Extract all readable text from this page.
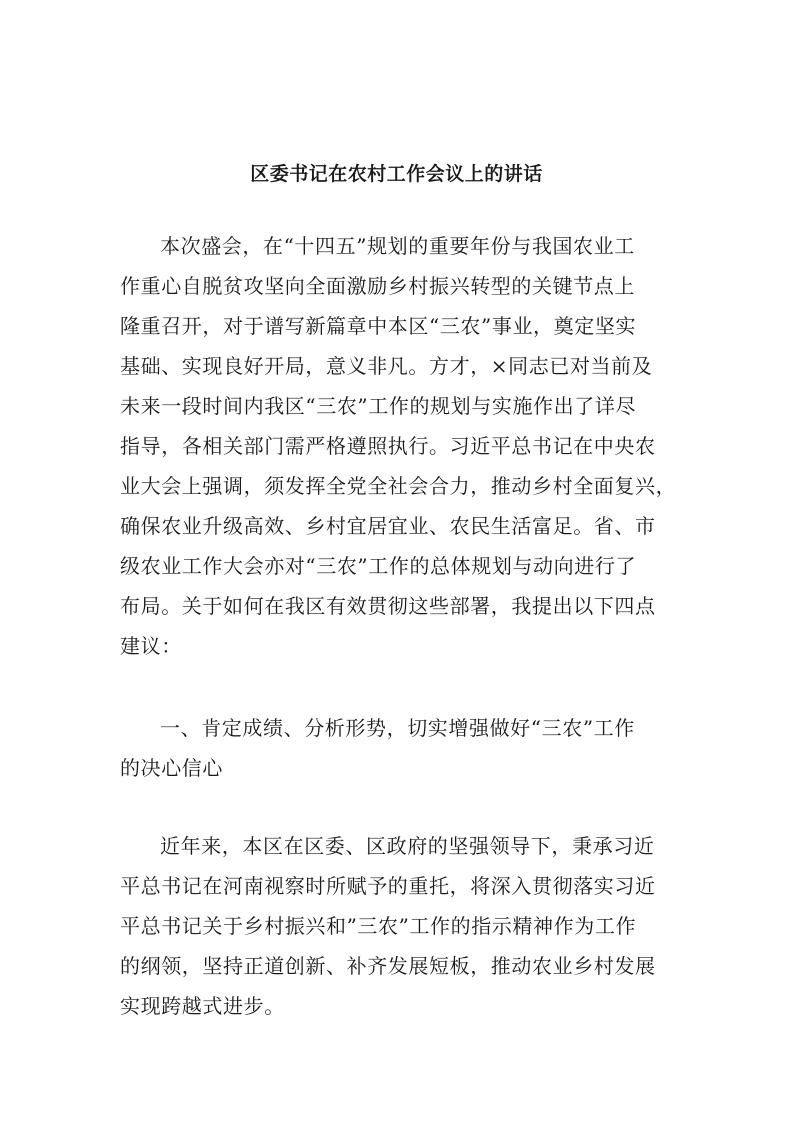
区委书记在农村工作会议上的讲话
本次盛会，在“十四五”规划的重要年份与我国农业工
作重心自脱贫攻坚向全面激励乡村振兴转型的关键节点上
隆重召开，对于谱写新篇章中本区“三农”事业，奠定坚实
基础、实现良好开局，意义非凡。方才，×同志已对当前及
未来一段时间内我区“三农”工作的规划与实施作出了详尽
指导，各相关部门需严格遵照执行。习近平总书记在中央农
业大会上强调，须发挥全党全社会合力，推动乡村全面复兴，
确保农业升级高效、乡村宜居宜业、农民生活富足。省、市
级农业工作大会亦对“三农”工作的总体规划与动向进行了
布局。关于如何在我区有效贯彻这些部署，我提出以下四点
建议：
一、肯定成绩、分析形势，切实增强做好“三农”工作
的决心信心
近年来，本区在区委、区政府的坚强领导下，秉承习近
平总书记在河南视察时所赋予的重托，将深入贯彻落实习近
平总书记关于乡村振兴和”三农”工作的指示精神作为工作
的纲领，坚持正道创新、补齐发展短板，推动农业乡村发展
实现跨越式进步。
